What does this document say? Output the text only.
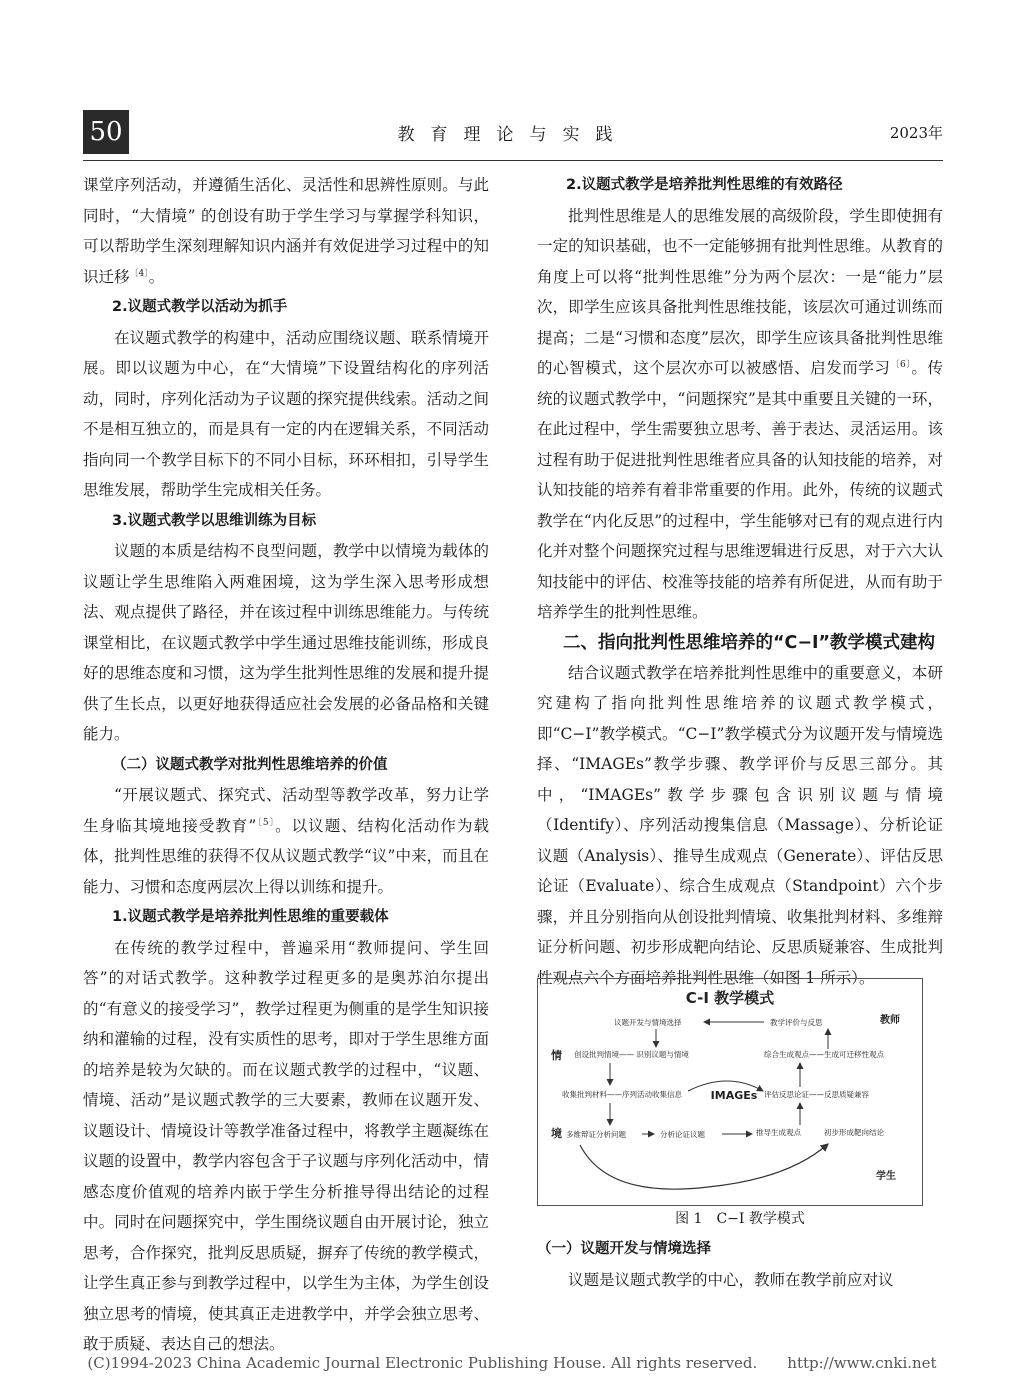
50	教育理论与实践	2023年

课堂序列活动，并遵循生活化、灵活性和思辨性原则。与此同时，“大情境” 的创设有助于学生学习与掌握学科知识，可以帮助学生深刻理解知识内涵并有效促进学习过程中的知识迁移$^{〔4〕}$。

2.议题式教学以活动为抓手

在议题式教学的构建中，活动应围绕议题、联系情境开展。即以议题为中心，在“大情境”下设置结构化的序列活动，同时，序列化活动为子议题的探究提供线索。活动之间不是相互独立的，而是具有一定的内在逻辑关系，不同活动指向同一个教学目标下的不同小目标，环环相扣，引导学生思维发展，帮助学生完成相关任务。

3.议题式教学以思维训练为目标

议题的本质是结构不良型问题，教学中以情境为载体的议题让学生思维陷入两难困境，这为学生深入思考形成想法、观点提供了路径，并在该过程中训练思维能力。与传统课堂相比，在议题式教学中学生通过思维技能训练，形成良好的思维态度和习惯，这为学生批判性思维的发展和提升提供了生长点，以更好地获得适应社会发展的必备品格和关键能力。

（二）议题式教学对批判性思维培养的价值

“开展议题式、探究式、活动型等教学改革，努力让学生身临其境地接受教育”$^{〔5〕}$。以议题、结构化活动作为载体，批判性思维的获得不仅从议题式教学“议”中来，而且在能力、习惯和态度两层次上得以训练和提升。

1.议题式教学是培养批判性思维的重要载体

在传统的教学过程中，普遍采用“教师提问、学生回答”的对话式教学。这种教学过程更多的是奥苏泊尔提出的“有意义的接受学习”，教学过程更为侧重的是学生知识接纳和灌输的过程，没有实质性的思考，即对于学生思维方面的培养是较为欠缺的。而在议题式教学的过程中，“议题、情境、活动”是议题式教学的三大要素，教师在议题开发、议题设计、情境设计等教学准备过程中，将教学主题凝练在议题的设置中，教学内容包含于子议题与序列化活动中，情感态度价值观的培养内嵌于学生分析推导得出结论的过程中。同时在问题探究中，学生围绕议题自由开展讨论，独立思考，合作探究，批判反思质疑，摒弃了传统的教学模式，让学生真正参与到教学过程中，以学生为主体，为学生创设独立思考的情境，使其真正走进教学中，并学会独立思考、敢于质疑、表达自己的想法。

2.议题式教学是培养批判性思维的有效路径

批判性思维是人的思维发展的高级阶段，学生即使拥有一定的知识基础，也不一定能够拥有批判性思维。从教育的角度上可以将“批判性思维”分为两个层次：一是“能力”层次，即学生应该具备批判性思维技能，该层次可通过训练而提高；二是“习惯和态度”层次，即学生应该具备批判性思维的心智模式，这个层次亦可以被感悟、启发而学习$^{〔6〕}$。传统的议题式教学中，“问题探究”是其中重要且关键的一环，在此过程中，学生需要独立思考、善于表达、灵活运用。该过程有助于促进批判性思维者应具备的认知技能的培养，对认知技能的培养有着非常重要的作用。此外，传统的议题式教学在“内化反思”的过程中，学生能够对已有的观点进行内化并对整个问题探究过程与思维逻辑进行反思，对于六大认知技能中的评估、校准等技能的培养有所促进，从而有助于培养学生的批判性思维。

二、指向批判性思维培养的“C−I”教学模式建构

结合议题式教学在培养批判性思维中的重要意义，本研究建构了指向批判性思维培养的议题式教学模式，即“C−I”教学模式。“C−I”教学模式分为议题开发与情境选择、“IMAGEs”教学步骤、教学评价与反思三部分。其中，“IMAGEs”教学步骤包含识别议题与情境（Identify）、序列活动搜集信息（Massage）、分析论证议题（Analysis）、推导生成观点（Generate）、评估反思论证（Evaluate）、综合生成观点（Standpoint）六个步骤，并且分别指向从创设批判情境、收集批判材料、多维辩证分析问题、初步形成靶向结论、反思质疑兼容、生成批判性观点六个方面培养批判性思维（如图 1 所示）。

C-I 教学模式
教师
学生
情
境
IMAGEs
议题开发与情境选择	教学评价与反思
创设批判情境—— 识别议题与情境	综合生成观点——生成可迁移性观点
收集批判材料——序列活动收集信息	评估反思论证——反思质疑兼容
多维辩证分析问题	分析论证议题	推导生成观点	初步形成靶向结论
图 1　C−I 教学模式

（一）议题开发与情境选择

议题是议题式教学的中心，教师在教学前应对议

(C)1994-2023 China Academic Journal Electronic Publishing House. All rights reserved.　　http://www.cnki.net
